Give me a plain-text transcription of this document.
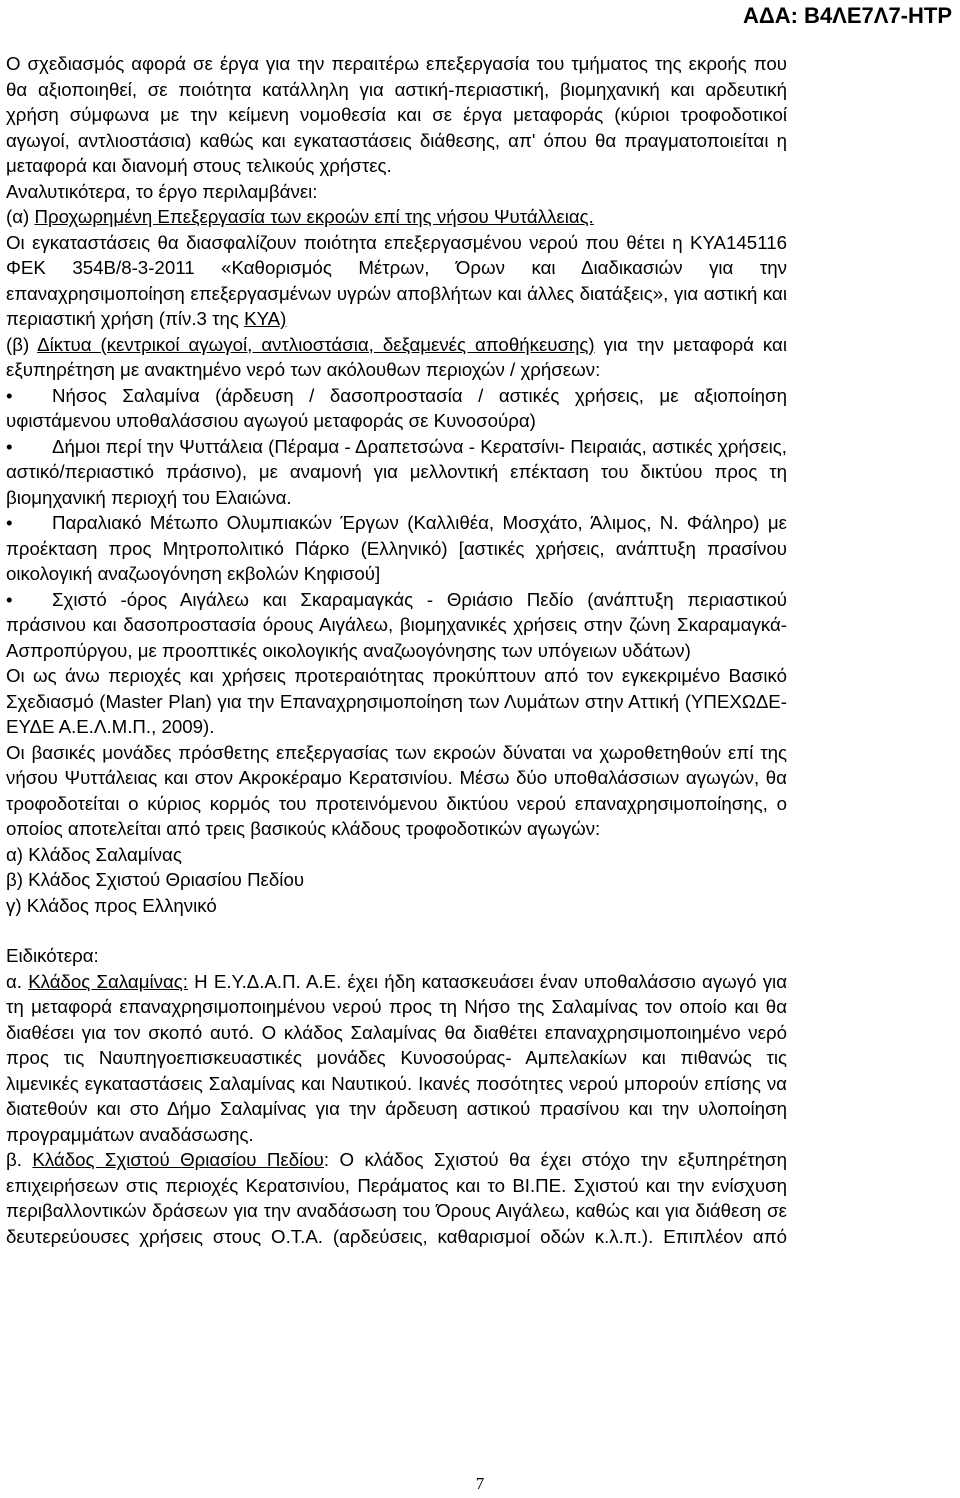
ΑΔΑ: Β4ΛΕ7Λ7-ΗΤΡ

Ο σχεδιασμός αφορά σε έργα για την περαιτέρω επεξεργασία του τμήματος της εκροής που θα αξιοποιηθεί, σε ποιότητα κατάλληλη για αστική-περιαστική, βιομηχανική και αρδευτική χρήση σύμφωνα με την κείμενη νομοθεσία και σε έργα μεταφοράς (κύριοι τροφοδοτικοί αγωγοί, αντλιοστάσια) καθώς και εγκαταστάσεις διάθεσης, απ' όπου θα πραγματοποιείται η μεταφορά και διανομή στους τελικούς χρήστες.

Αναλυτικότερα, το έργο περιλαμβάνει:

(α) Προχωρημένη Επεξεργασία των εκροών επί της νήσου Ψυτάλλειας.

Οι εγκαταστάσεις θα διασφαλίζουν ποιότητα επεξεργασμένου νερού που θέτει η ΚΥΑ145116 ΦΕΚ 354Β/8-3-2011 «Καθορισμός Μέτρων, Όρων και Διαδικασιών για την επαναχρησιμοποίηση επεξεργασμένων υγρών αποβλήτων και άλλες διατάξεις», για αστική και περιαστική χρήση (πίν.3 της ΚΥΑ)

(β) Δίκτυα (κεντρικοί αγωγοί, αντλιοστάσια, δεξαμενές αποθήκευσης) για την μεταφορά και εξυπηρέτηση με ανακτημένο νερό των ακόλουθων περιοχών / χρήσεων:

• Νήσος Σαλαμίνα (άρδευση / δασοπροστασία / αστικές χρήσεις, με αξιοποίηση υφιστάμενου υποθαλάσσιου αγωγού μεταφοράς σε Κυνοσούρα)

• Δήμοι περί την Ψυττάλεια (Πέραμα - Δραπετσώνα - Κερατσίνι- Πειραιάς, αστικές χρήσεις, αστικό/περιαστικό πράσινο), με αναμονή για μελλοντική επέκταση του δικτύου προς τη βιομηχανική περιοχή του Ελαιώνα.

• Παραλιακό Μέτωπο Ολυμπιακών Έργων (Καλλιθέα, Μοσχάτο, Άλιμος, Ν. Φάληρο) με προέκταση προς Μητροπολιτικό Πάρκο (Ελληνικό) [αστικές χρήσεις, ανάπτυξη πρασίνου οικολογική αναζωογόνηση εκβολών Κηφισού]

• Σχιστό -όρος Αιγάλεω και Σκαραμαγκάς - Θριάσιο Πεδίο (ανάπτυξη περιαστικού πράσινου και δασοπροστασία όρους Αιγάλεω, βιομηχανικές χρήσεις στην ζώνη Σκαραμαγκά-Ασπροπύργου, με προοπτικές οικολογικής αναζωογόνησης των υπόγειων υδάτων)

Οι ως άνω περιοχές και χρήσεις προτεραιότητας προκύπτουν από τον εγκεκριμένο Βασικό Σχεδιασμό (Master Plan) για την Επαναχρησιμοποίηση των Λυμάτων στην Αττική (ΥΠΕΧΩΔΕ-ΕΥΔΕ Α.Ε.Λ.Μ.Π., 2009).

Οι βασικές μονάδες πρόσθετης επεξεργασίας των εκροών δύναται να χωροθετηθούν επί της νήσου Ψυττάλειας και στον Ακροκέραμο Κερατσινίου. Μέσω δύο υποθαλάσσιων αγωγών, θα τροφοδοτείται ο κύριος κορμός του προτεινόμενου δικτύου νερού επαναχρησιμοποίησης, ο οποίος αποτελείται από τρεις βασικούς κλάδους τροφοδοτικών αγωγών:

α) Κλάδος Σαλαμίνας

β) Κλάδος Σχιστού Θριασίου Πεδίου

γ) Κλάδος προς Ελληνικό

Ειδικότερα:

α. Κλάδος Σαλαμίνας: Η Ε.Υ.Δ.Α.Π. Α.Ε. έχει ήδη κατασκευάσει έναν υποθαλάσσιο αγωγό για τη μεταφορά επαναχρησιμοποιημένου νερού προς τη Νήσο της Σαλαμίνας τον οποίο και θα διαθέσει για τον σκοπό αυτό. Ο κλάδος Σαλαμίνας θα διαθέτει επαναχρησιμοποιημένο νερό προς τις Ναυπηγοεπισκευαστικές μονάδες Κυνοσούρας- Αμπελακίων και πιθανώς τις λιμενικές εγκαταστάσεις Σαλαμίνας και Ναυτικού. Ικανές ποσότητες νερού μπορούν επίσης να διατεθούν και στο Δήμο Σαλαμίνας για την άρδευση αστικού πρασίνου και την υλοποίηση προγραμμάτων αναδάσωσης.

β. Κλάδος Σχιστού Θριασίου Πεδίου: Ο κλάδος Σχιστού θα έχει στόχο την εξυπηρέτηση επιχειρήσεων στις περιοχές Κερατσινίου, Περάματος και το ΒΙ.ΠΕ. Σχιστού και την ενίσχυση περιβαλλοντικών δράσεων για την αναδάσωση του Όρους Αιγάλεω, καθώς και για διάθεση σε δευτερεύουσες χρήσεις στους Ο.Τ.Α. (αρδεύσεις, καθαρισμοί οδών κ.λ.π.). Επιπλέον από

7
